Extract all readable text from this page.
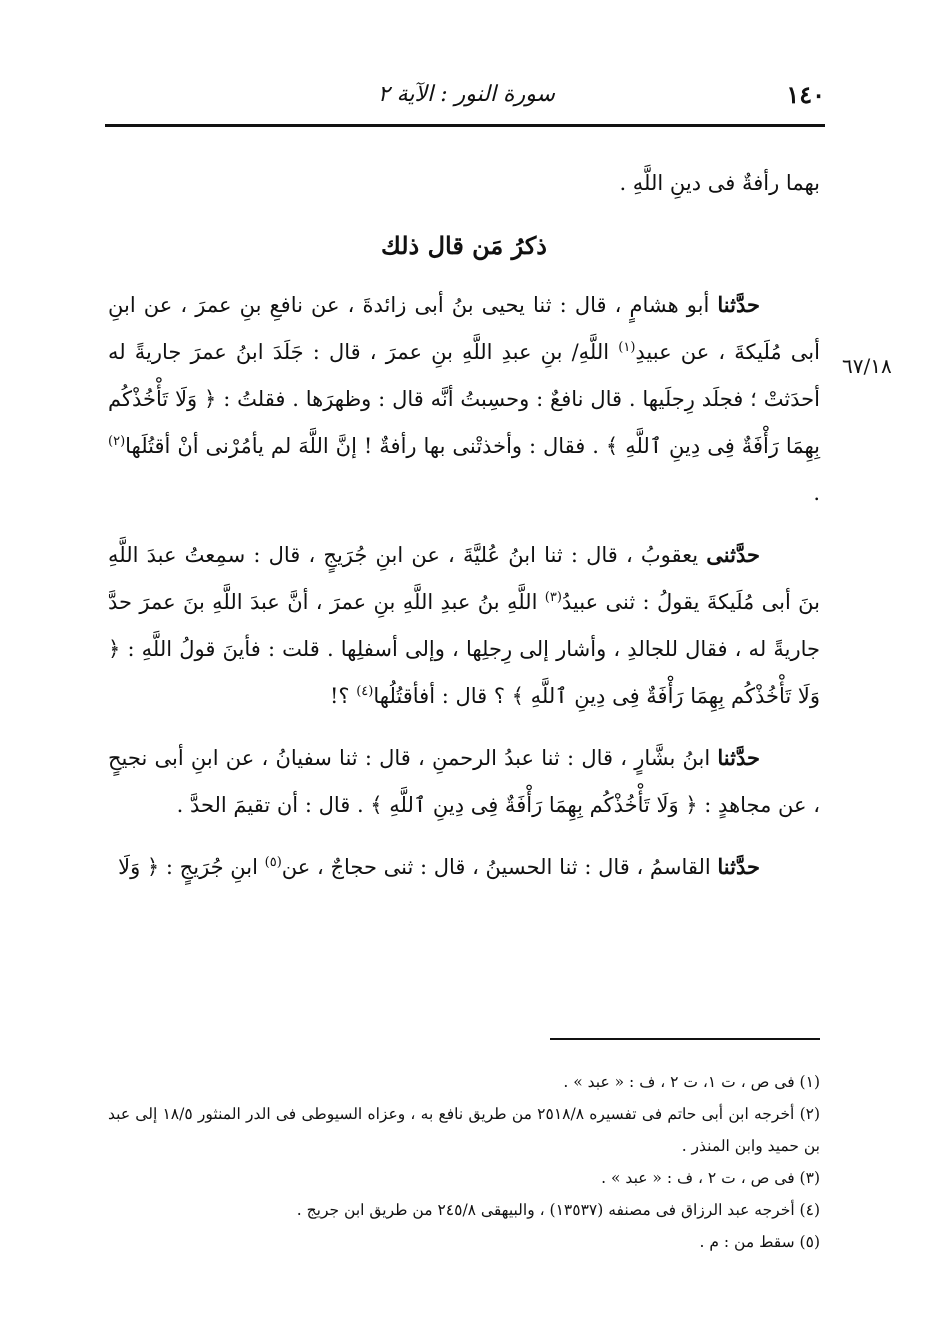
١٤٠
سورة النور : الآية ٢
٦٧/١٨

بهما رأفةٌ فى دينِ اللَّهِ .

ذكرُ مَن قال ذلك

حدَّثنا أبو هشامٍ ، قال : ثنا يحيى بنُ أبى زائدةَ ، عن نافعِ بنِ عمرَ ، عن ابنِ أبى مُلَيكةَ ، عن عبيدِ$^{(١)}$ اللَّهِ/ بنِ عبدِ اللَّهِ بنِ عمرَ ، قال : جَلَدَ ابنُ عمرَ جاريةً له أحدَثتْ ؛ فجلَد رِجلَيها . قال نافعٌ : وحسِبتُ أنَّه قال : وظهرَها . فقلتُ : ﴿ وَلَا تَأْخُذْكُم بِهِمَا رَأْفَةٌ فِى دِينِ ٱللَّهِ ﴾ . فقال : وأخذتْنى بها رأفةٌ ! إنَّ اللَّهَ لم يأمُرْنى أنْ أقتُلَها$^{(٢)}$ .

حدَّثنى يعقوبُ ، قال : ثنا ابنُ عُليَّةَ ، عن ابنِ جُرَيجٍ ، قال : سمِعتُ عبدَ اللَّهِ بنَ أبى مُلَيكةَ يقولُ : ثنى عبيدُ$^{(٣)}$ اللَّهِ بنُ عبدِ اللَّهِ بنِ عمرَ ، أنَّ عبدَ اللَّهِ بنَ عمرَ حدَّ جاريةً له ، فقال للجالدِ ، وأشار إلى رِجلِها ، وإلى أسفلِها . قلت : فأينَ قولُ اللَّهِ : ﴿ وَلَا تَأْخُذْكُم بِهِمَا رَأْفَةٌ فِى دِينِ ٱللَّهِ ﴾ ؟ قال : أفأقتُلُها$^{(٤)}$ ؟!

حدَّثنا ابنُ بشَّارٍ ، قال : ثنا عبدُ الرحمنِ ، قال : ثنا سفيانُ ، عن ابنِ أبى نجيحٍ ، عن مجاهدٍ : ﴿ وَلَا تَأْخُذْكُم بِهِمَا رَأْفَةٌ فِى دِينِ ٱللَّهِ ﴾ . قال : أن تقيمَ الحدَّ .

حدَّثنا القاسمُ ، قال : ثنا الحسينُ ، قال : ثنى حجاجٌ ، عن$^{(٥)}$ ابنِ جُرَيجٍ : ﴿ وَلَا

(١) فى ص ، ت ١، ت ٢ ، ف : « عبد » .

(٢) أخرجه ابن أبى حاتم فى تفسيره ٢٥١٨/٨ من طريق نافع به ، وعزاه السيوطى فى الدر المنثور ١٨/٥ إلى عبد بن حميد وابن المنذر .

(٣) فى ص ، ت ٢ ، ف : « عبد » .

(٤) أخرجه عبد الرزاق فى مصنفه (١٣٥٣٧) ، والبيهقى ٢٤٥/٨ من طريق ابن جريج .

(٥) سقط من : م .
